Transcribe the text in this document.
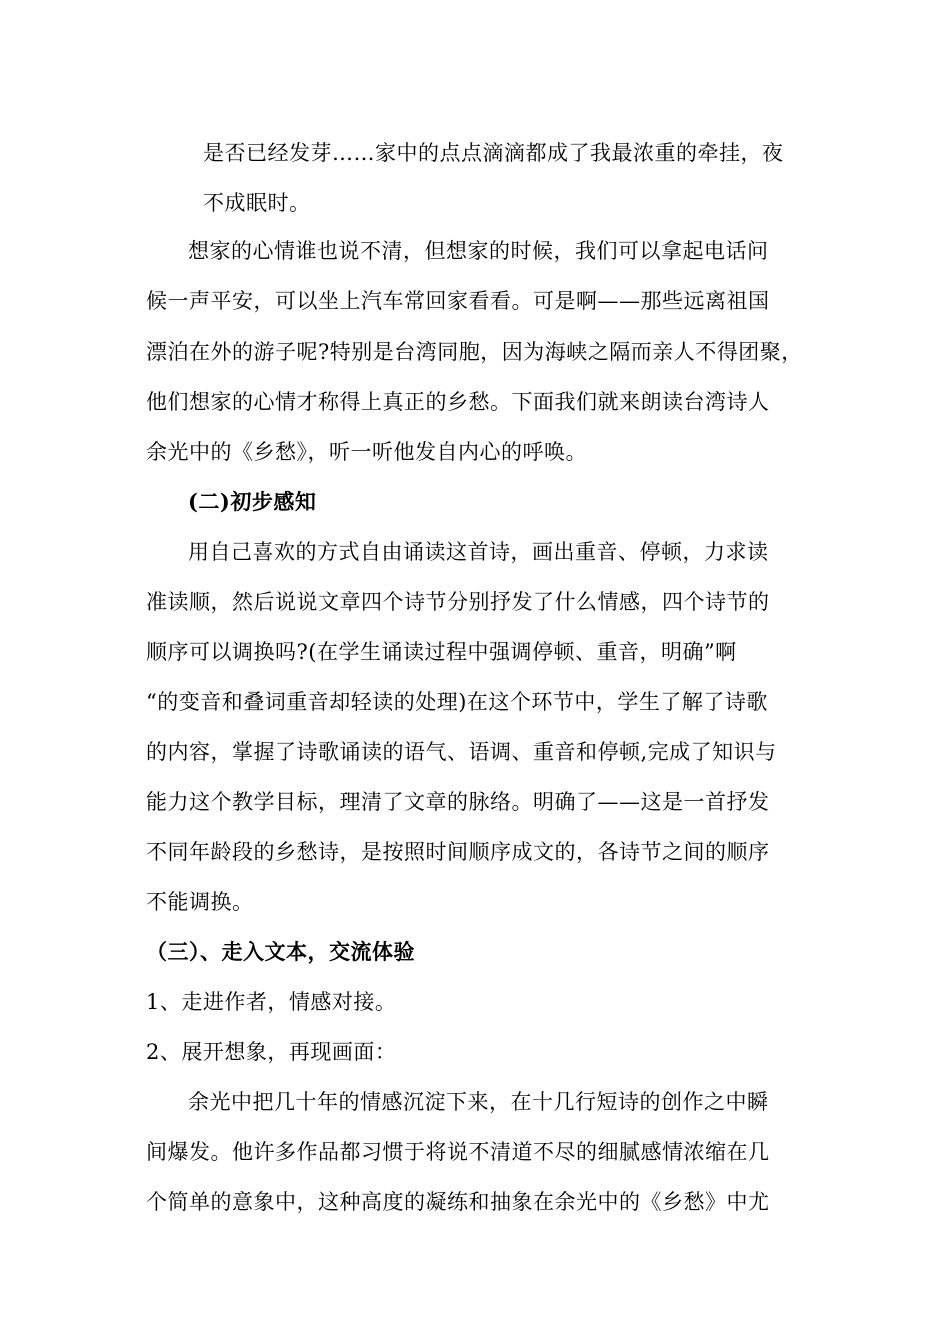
是否已经发芽……家中的点点滴滴都成了我最浓重的牵挂，夜
不成眠时。
想家的心情谁也说不清，但想家的时候，我们可以拿起电话问
候一声平安，可以坐上汽车常回家看看。可是啊——那些远离祖国
漂泊在外的游子呢?特别是台湾同胞，因为海峡之隔而亲人不得团聚，
他们想家的心情才称得上真正的乡愁。下面我们就来朗读台湾诗人
余光中的《乡愁》，听一听他发自内心的呼唤。
(二)初步感知
用自己喜欢的方式自由诵读这首诗，画出重音、停顿，力求读
准读顺，然后说说文章四个诗节分别抒发了什么情感，四个诗节的
顺序可以调换吗?(在学生诵读过程中强调停顿、重音，明确”啊
“的变音和叠词重音却轻读的处理)在这个环节中，学生了解了诗歌
的内容，掌握了诗歌诵读的语气、语调、重音和停顿,完成了知识与
能力这个教学目标，理清了文章的脉络。明确了——这是一首抒发
不同年龄段的乡愁诗，是按照时间顺序成文的，各诗节之间的顺序
不能调换。
（三）、走入文本，交流体验
1、走进作者，情感对接。
2、展开想象，再现画面：
余光中把几十年的情感沉淀下来，在十几行短诗的创作之中瞬
间爆发。他许多作品都习惯于将说不清道不尽的细腻感情浓缩在几
个简单的意象中，这种高度的凝练和抽象在余光中的《乡愁》中尤
